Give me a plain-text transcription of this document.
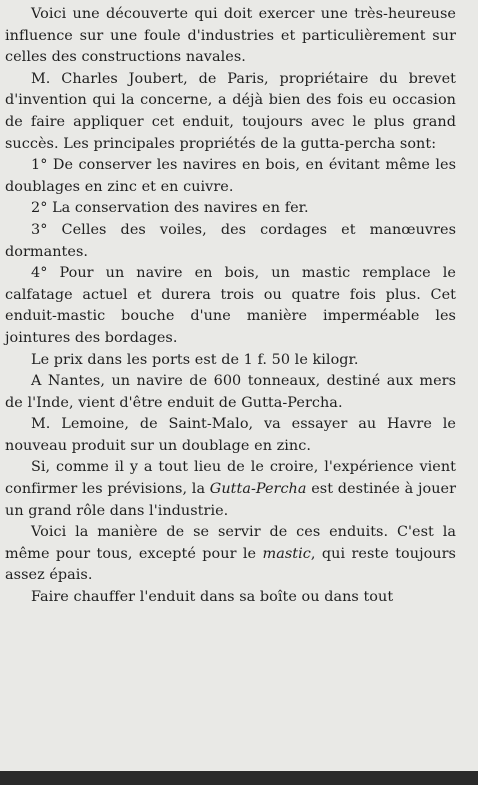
Voici une découverte qui doit exercer une très-heureuse influence sur une foule d'industries et particulièrement sur celles des constructions navales.

M. Charles Joubert, de Paris, propriétaire du brevet d'invention qui la concerne, a déjà bien des fois eu occasion de faire appliquer cet enduit, toujours avec le plus grand succès. Les principales propriétés de la gutta-percha sont:

1° De conserver les navires en bois, en évitant même les doublages en zinc et en cuivre.

2° La conservation des navires en fer.

3° Celles des voiles, des cordages et manœuvres dormantes.

4° Pour un navire en bois, un mastic remplace le calfatage actuel et durera trois ou quatre fois plus. Cet enduit-mastic bouche d'une manière imperméable les jointures des bordages.

Le prix dans les ports est de 1 f. 50 le kilogr.

A Nantes, un navire de 600 tonneaux, destiné aux mers de l'Inde, vient d'être enduit de Gutta-Percha.

M. Lemoine, de Saint-Malo, va essayer au Havre le nouveau produit sur un doublage en zinc.

Si, comme il y a tout lieu de le croire, l'expérience vient confirmer les prévisions, la Gutta-Percha est destinée à jouer un grand rôle dans l'industrie.

Voici la manière de se servir de ces enduits. C'est la même pour tous, excepté pour le mastic, qui reste toujours assez épais.

Faire chauffer l'enduit dans sa boîte ou dans tout
